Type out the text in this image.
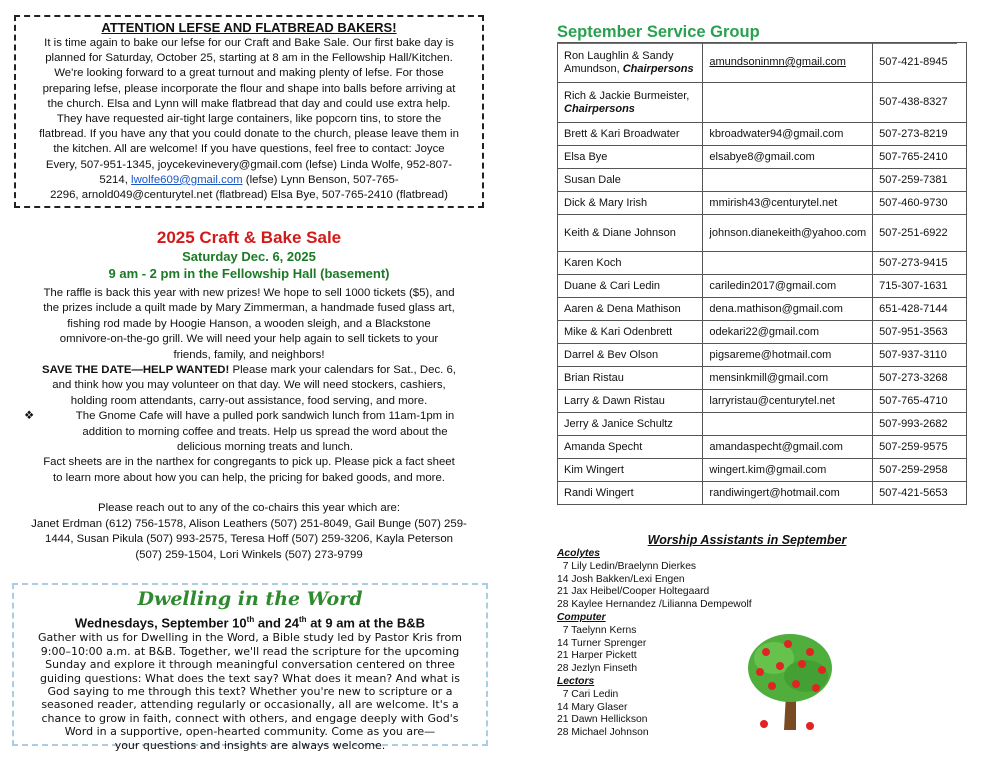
ATTENTION LEFSE AND FLATBREAD BAKERS!

It is time again to bake our lefse for our Craft and Bake Sale. Our first bake day is

planned for Saturday, October 25, starting at 8 am in the Fellowship Hall/Kitchen.

We're looking forward to a great turnout and making plenty of lefse. For those

preparing lefse, please incorporate the flour and shape into balls before arriving at

the church. Elsa and Lynn will make flatbread that day and could use extra help.

They have requested air-tight large containers, like popcorn tins, to store the

flatbread. If you have any that you could donate to the church, please leave them in

the kitchen. All are welcome! If you have questions, feel free to contact: Joyce

Every, 507-951-1345, joycekevinevery@gmail.com (lefse) Linda Wolfe, 952-807-

5214, lwolfe609@gmail.com (lefse) Lynn Benson, 507-765-

2296, arnold049@centurytel.net (flatbread) Elsa Bye, 507-765-2410 (flatbread)

2025 Craft & Bake Sale

Saturday Dec. 6, 2025

9 am - 2 pm in the Fellowship Hall (basement)

The raffle is back this year with new prizes! We hope to sell 1000 tickets ($5), and

the prizes include a quilt made by Mary Zimmerman, a handmade fused glass art,

fishing rod made by Hoogie Hanson, a wooden sleigh, and a Blackstone

omnivore-on-the-go grill. We will need your help again to sell tickets to your

friends, family, and neighbors!

SAVE THE DATE—HELP WANTED! Please mark your calendars for Sat., Dec. 6,

and think how you may volunteer on that day. We will need stockers, cashiers,

holding room attendants, carry-out assistance, food serving, and more.

❖	The Gnome Cafe will have a pulled pork sandwich lunch from 11am-1pm in

addition to morning coffee and treats. Help us spread the word about the

delicious morning treats and lunch.

Fact sheets are in the narthex for congregants to pick up. Please pick a fact sheet

to learn more about how you can help, the pricing for baked goods, and more.

Please reach out to any of the co-chairs this year which are:

Janet Erdman (612) 756-1578, Alison Leathers (507) 251-8049, Gail Bunge (507) 259-

1444, Susan Pikula (507) 993-2575, Teresa Hoff (507) 259-3206, Kayla Peterson

(507) 259-1504, Lori Winkels (507) 273-9799

Dwelling in the Word

Wednesdays, September 10th and 24th at 9 am at the B&B

Gather with us for Dwelling in the Word, a Bible study led by Pastor Kris from

9:00–10:00 a.m. at B&B. Together, we'll read the scripture for the upcoming

Sunday and explore it through meaningful conversation centered on three

guiding questions: What does the text say? What does it mean? And what is

God saying to me through this text? Whether you're new to scripture or a

seasoned reader, attending regularly or occasionally, all are welcome. It's a

chance to grow in faith, connect with others, and engage deeply with God's

Word in a supportive, open-hearted community. Come as you are—

your questions and insights are always welcome.

September Service Group
Ron Laughlin & Sandy Amundson, Chairpersons	amundsoninmn@gmail.com	507-421-8945
Rich & Jackie Burmeister, Chairpersons		507-438-8327
Brett & Kari Broadwater	kbroadwater94@gmail.com	507-273-8219
Elsa Bye	elsabye8@gmail.com	507-765-2410
Susan Dale		507-259-7381
Dick & Mary Irish	mmirish43@centurytel.net	507-460-9730
Keith & Diane Johnson	johnson.dianekeith@yahoo.com	507-251-6922
Karen Koch		507-273-9415
Duane & Cari Ledin	cariledin2017@gmail.com	715-307-1631
Aaren & Dena Mathison	dena.mathison@gmail.com	651-428-7144
Mike & Kari Odenbrett	odekari22@gmail.com	507-951-3563
Darrel & Bev Olson	pigsareme@hotmail.com	507-937-3110
Brian Ristau	mensinkmill@gmail.com	507-273-3268
Larry & Dawn Ristau	larryristau@centurytel.net	507-765-4710
Jerry & Janice Schultz		507-993-2682
Amanda Specht	amandaspecht@gmail.com	507-259-9575
Kim Wingert	wingert.kim@gmail.com	507-259-2958
Randi Wingert	randiwingert@hotmail.com	507-421-5653
Worship Assistants in September
Acolytes
7 Lily Ledin/Braelynn Dierkes
14 Josh Bakken/Lexi Engen
21 Jax Heibel/Cooper Holtegaard
28 Kaylee Hernandez /Lilianna Dempewolf
Computer
7 Taelynn Kerns
14 Turner Sprenger
21 Harper Pickett
28 Jezlyn Finseth
Lectors
7 Cari Ledin
14 Mary Glaser
21 Dawn Hellickson
28 Michael Johnson
